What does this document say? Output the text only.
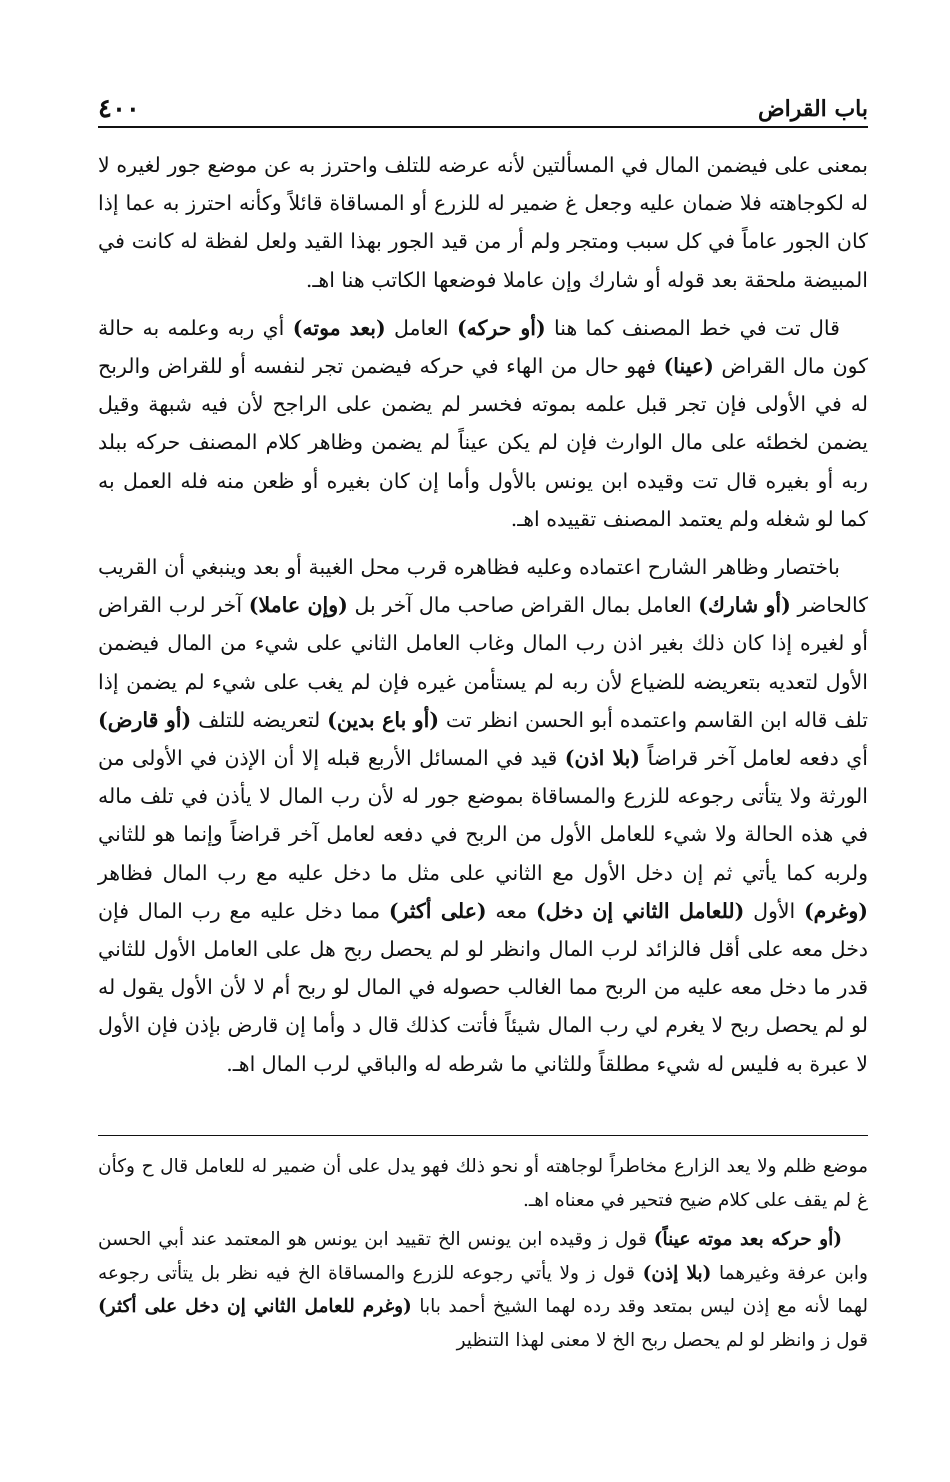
باب القراض
٤٠٠

بمعنى على فيضمن المال في المسألتين لأنه عرضه للتلف واحترز به عن موضع جور لغيره لا له لكوجاهته فلا ضمان عليه وجعل غ ضمير له للزرع أو المساقاة قائلاً وكأنه احترز به عما إذا كان الجور عاماً في كل سبب ومتجر ولم أر من قيد الجور بهذا القيد ولعل لفظة له كانت في المبيضة ملحقة بعد قوله أو شارك وإن عاملا فوضعها الكاتب هنا اهـ.

قال تت في خط المصنف كما هنا (أو حركه) العامل (بعد موته) أي ربه وعلمه به حالة كون مال القراض (عينا) فهو حال من الهاء في حركه فيضمن تجر لنفسه أو للقراض والربح له في الأولى فإن تجر قبل علمه بموته فخسر لم يضمن على الراجح لأن فيه شبهة وقيل يضمن لخطئه على مال الوارث فإن لم يكن عيناً لم يضمن وظاهر كلام المصنف حركه ببلد ربه أو بغيره قال تت وقيده ابن يونس بالأول وأما إن كان بغيره أو ظعن منه فله العمل به كما لو شغله ولم يعتمد المصنف تقييده اهـ.

باختصار وظاهر الشارح اعتماده وعليه فظاهره قرب محل الغيبة أو بعد وينبغي أن القريب كالحاضر (أو شارك) العامل بمال القراض صاحب مال آخر بل (وإن عاملا) آخر لرب القراض أو لغيره إذا كان ذلك بغير اذن رب المال وغاب العامل الثاني على شيء من المال فيضمن الأول لتعديه بتعريضه للضياع لأن ربه لم يستأمن غيره فإن لم يغب على شيء لم يضمن إذا تلف قاله ابن القاسم واعتمده أبو الحسن انظر تت (أو باع بدين) لتعريضه للتلف (أو قارض) أي دفعه لعامل آخر قراضاً (بلا اذن) قيد في المسائل الأربع قبله إلا أن الإذن في الأولى من الورثة ولا يتأتى رجوعه للزرع والمساقاة بموضع جور له لأن رب المال لا يأذن في تلف ماله في هذه الحالة ولا شيء للعامل الأول من الربح في دفعه لعامل آخر قراضاً وإنما هو للثاني ولربه كما يأتي ثم إن دخل الأول مع الثاني على مثل ما دخل عليه مع رب المال فظاهر (وغرم) الأول (للعامل الثاني إن دخل) معه (على أكثر) مما دخل عليه مع رب المال فإن دخل معه على أقل فالزائد لرب المال وانظر لو لم يحصل ربح هل على العامل الأول للثاني قدر ما دخل معه عليه من الربح مما الغالب حصوله في المال لو ربح أم لا لأن الأول يقول له لو لم يحصل ربح لا يغرم لي رب المال شيئاً فأتت كذلك قال د وأما إن قارض بإذن فإن الأول لا عبرة به فليس له شيء مطلقاً وللثاني ما شرطه له والباقي لرب المال اهـ.

موضع ظلم ولا يعد الزارع مخاطراً لوجاهته أو نحو ذلك فهو يدل على أن ضمير له للعامل قال ح وكأن غ لم يقف على كلام ضيح فتحير في معناه اهـ.

(أو حركه بعد موته عيناً) قول ز وقيده ابن يونس الخ تقييد ابن يونس هو المعتمد عند أبي الحسن وابن عرفة وغيرهما (بلا إذن) قول ز ولا يأتي رجوعه للزرع والمساقاة الخ فيه نظر بل يتأتى رجوعه لهما لأنه مع إذن ليس بمتعد وقد رده لهما الشيخ أحمد بابا (وغرم للعامل الثاني إن دخل على أكثر) قول ز وانظر لو لم يحصل ربح الخ لا معنى لهذا التنظير
